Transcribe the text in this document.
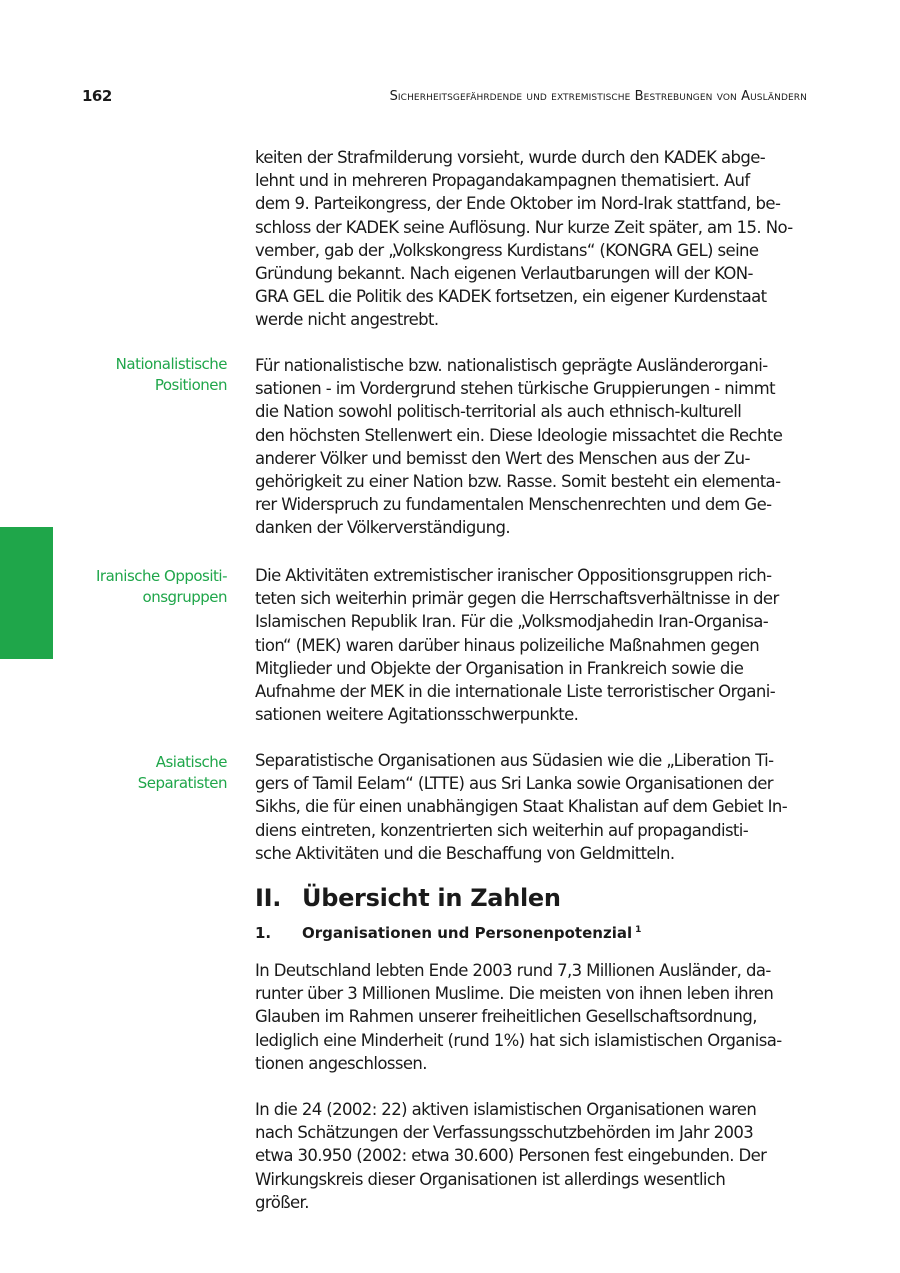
162	Sicherheitsgefährdende und extremistische Bestrebungen von Ausländern
Nationalistische
Positionen
Iranische Oppositi-
onsgruppen
Asiatische
Separatisten

keiten der Strafmilderung vorsieht, wurde durch den KADEK abge-
lehnt und in mehreren Propagandakampagnen thematisiert. Auf
dem 9. Parteikongress, der Ende Oktober im Nord-Irak stattfand, be-
schloss der KADEK seine Auflösung. Nur kurze Zeit später, am 15. No-
vember, gab der „Volkskongress Kurdistans“ (KONGRA GEL) seine
Gründung bekannt. Nach eigenen Verlautbarungen will der KON-
GRA GEL die Politik des KADEK fortsetzen, ein eigener Kurdenstaat
werde nicht angestrebt.

Für nationalistische bzw. nationalistisch geprägte Ausländerorgani-
sationen - im Vordergrund stehen türkische Gruppierungen - nimmt
die Nation sowohl politisch-territorial als auch ethnisch-kulturell
den höchsten Stellenwert ein. Diese Ideologie missachtet die Rechte
anderer Völker und bemisst den Wert des Menschen aus der Zu-
gehörigkeit zu einer Nation bzw. Rasse. Somit besteht ein elementa-
rer Widerspruch zu fundamentalen Menschenrechten und dem Ge-
danken der Völkerverständigung.

Die Aktivitäten extremistischer iranischer Oppositionsgruppen rich-
teten sich weiterhin primär gegen die Herrschaftsverhältnisse in der
Islamischen Republik Iran. Für die „Volksmodjahedin Iran-Organisa-
tion“ (MEK) waren darüber hinaus polizeiliche Maßnahmen gegen
Mitglieder und Objekte der Organisation in Frankreich sowie die
Aufnahme der MEK in die internationale Liste terroristischer Organi-
sationen weitere Agitationsschwerpunkte.

Separatistische Organisationen aus Südasien wie die „Liberation Ti-
gers of Tamil Eelam“ (LTTE) aus Sri Lanka sowie Organisationen der
Sikhs, die für einen unabhängigen Staat Khalistan auf dem Gebiet In-
diens eintreten, konzentrierten sich weiterhin auf propagandisti-
sche Aktivitäten und die Beschaffung von Geldmitteln.

II. Übersicht in Zahlen
1. Organisationen und Personenpotenzial $^1$

In Deutschland lebten Ende 2003 rund 7,3 Millionen Ausländer, da-
runter über 3 Millionen Muslime. Die meisten von ihnen leben ihren
Glauben im Rahmen unserer freiheitlichen Gesellschaftsordnung,
lediglich eine Minderheit (rund 1%) hat sich islamistischen Organisa-
tionen angeschlossen.

In die 24 (2002: 22) aktiven islamistischen Organisationen waren
nach Schätzungen der Verfassungsschutzbehörden im Jahr 2003
etwa 30.950 (2002: etwa 30.600) Personen fest eingebunden. Der
Wirkungskreis dieser Organisationen ist allerdings wesentlich
größer.
